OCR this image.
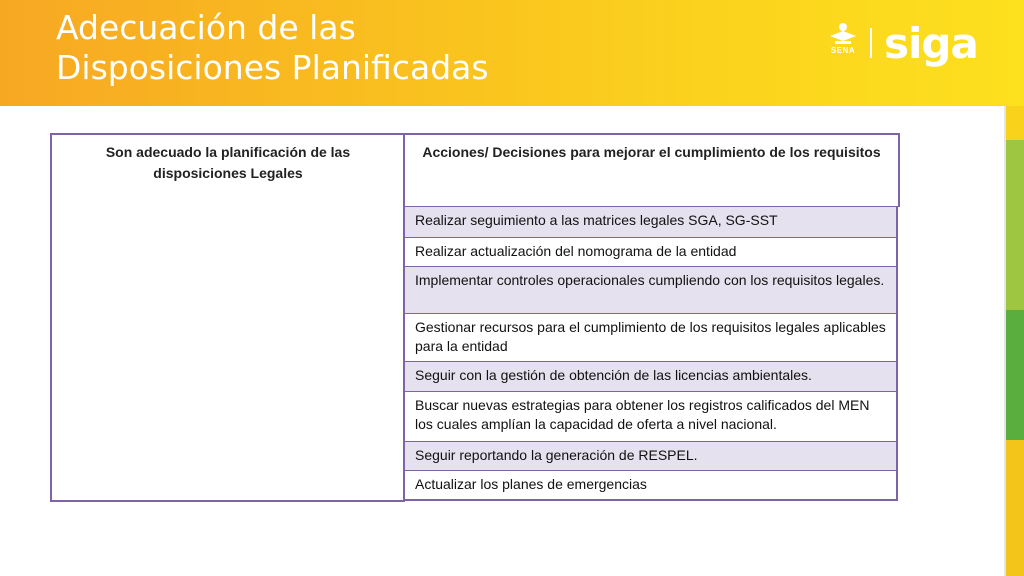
Adecuación de las
Disposiciones Planificadas	SENA siga
Son adecuado la planificación de las disposiciones Legales
Acciones/ Decisiones para mejorar el cumplimiento de los requisitos
Realizar seguimiento a las matrices legales SGA, SG-SST
Realizar actualización del nomograma de la entidad
Implementar controles operacionales cumpliendo con los requisitos legales.
Gestionar recursos para el cumplimiento de los requisitos legales aplicables para la entidad
Seguir con la gestión de obtención de las licencias ambientales.
Buscar nuevas estrategias para obtener los registros calificados del MEN los cuales amplían la capacidad de oferta a nivel nacional.
Seguir reportando la generación de RESPEL.
Actualizar los planes de emergencias
